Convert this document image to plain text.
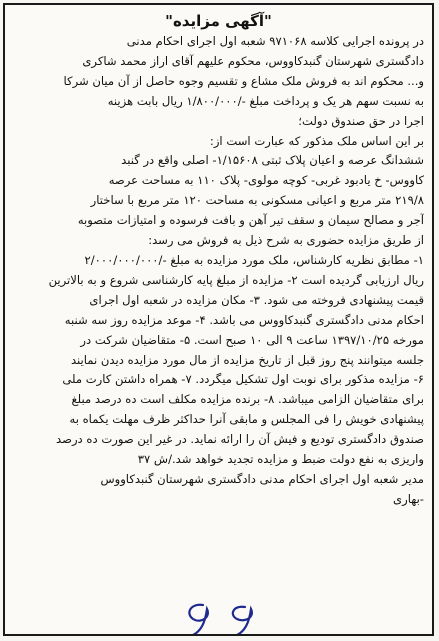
"آگهی مزایده"
در پرونده اجرایی کلاسه ۹۷۱۰۶۸ شعبه اول اجرای احکام مدنی
دادگستری شهرستان گنبدکاووس، محکوم علیهم آقای اراز محمد شاکری
و... محکوم اند به فروش ملک مشاع و تقسیم وجوه حاصل از آن میان شرکا
به نسبت سهم هر یک و پرداخت مبلغ -/۱/۸۰۰/۰۰۰ ریال بابت هزینه
اجرا در حق صندوق دولت؛
بر این اساس ملک مذکور که عبارت است از:
ششدانگ عرصه و اعیان پلاک ثبتی ۱/۱۵۶۰۸- اصلی واقع در گنبد
کاووس- خ یادبود غربی- کوچه مولوی- پلاک ۱۱۰ به مساحت عرصه
۲۱۹/۸ متر مربع و اعیانی مسکونی به مساحت ۱۲۰ متر مربع با ساختار
آجر و مصالح سیمان و سقف تیر آهن و بافت فرسوده و امتیازات متصوبه
از طریق مزایده حضوری به شرح ذیل به فروش می رسد:
۱- مطابق نظریه کارشناس، ملک مورد مزایده به مبلغ -/۲/۰۰۰/۰۰۰/۰۰۰
ریال ارزیابی گردیده است ۲- مزایده از مبلغ پایه کارشناسی شروع و به بالاترین
قیمت پیشنهادی فروخته می شود. ۳- مکان مزایده در شعبه اول اجرای
احکام مدنی دادگستری گنبدکاووس می باشد. ۴- موعد مزایده روز سه شنبه
مورخه ۱۳۹۷/۱۰/۲۵ ساعت ۹ الی ۱۰ صبح است. ۵- متقاضیان شرکت در
جلسه میتوانند پنج روز قبل از تاریخ مزایده از مال مورد مزایده دیدن نمایند
۶- مزایده مذکور برای نوبت اول تشکیل میگردد. ۷- همراه داشتن کارت ملی
برای متقاضیان الزامی میباشد. ۸- برنده مزایده مکلف است ده درصد مبلغ
پیشنهادی خویش را فی المجلس و مابقی آنرا حداکثر ظرف مهلت یکماه به
صندوق دادگستری تودیع و فیش آن را ارائه نماید. در غیر این صورت ده درصد
واریزی به نفع دولت ضبط و مزایده تجدید خواهد شد./ش ۳۷
مدیر شعبه اول اجرای احکام مدنی دادگستری شهرستان گنبدکاووس
-بهاری
